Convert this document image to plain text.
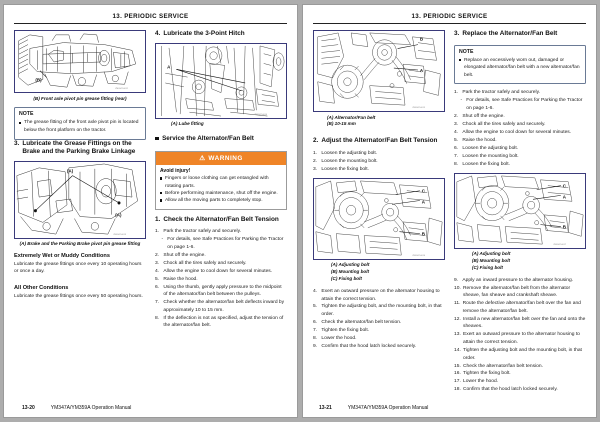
13. PERIODIC SERVICE
(B)
ZM0347-0012
(B) Front axle pivot pin grease fitting (rear)
NOTE
The grease fitting of the front axle pivot pin is located below the front platform on the tractor.
3. Lubricate the Grease Fittings on the Brake and the Parking Brake Linkage
(A)
(A)
ZM0347-0013
(A) Brake and the Parking Brake pivot pin grease fitting
Extremely Wet or Muddy Conditions

Lubricate the grease fittings once every 10 operating hours or once a day.

All Other Conditions

Lubricate the grease fittings once every 50 operating hours.

4. Lubricate the 3-Point Hitch
A
ZM0347-0014
(A) Lube fitting
Service the Alternator/Fan Belt
⚠ WARNING
Avoid injury!
Fingers or loose clothing can get entangled with rotating parts.
Before performing maintenance, shut off the engine.
Allow all the moving parts to completely stop.
1. Check the Alternator/Fan Belt Tension
1. Park the tractor safely and securely.
- For details, see Safe Practices for Parking the Tractor on page 1-6.
2. Shut off the engine.
3. Chock all the tires safely and securely.
4. Allow the engine to cool down for several minutes.
5. Raise the hood.
6. Using the thumb, gently apply pressure to the midpoint of the alternator/fan belt between the pulleys.
7. Check whether the alternator/fan belt deflects inward by approximately 10 to 15 mm.
8. If the deflection is not as specified, adjust the tension of the alternator/fan belt.
13-20	YM347A/YM359A Operation Manual
13. PERIODIC SERVICE
B
A
ZM0347-0015
(A) Alternator/Fan belt
(B) 10-15 mm
2. Adjust the Alternator/Fan Belt Tension
1. Loosen the adjusting bolt.
2. Loosen the mounting bolt.
3. Loosen the fixing bolt.
C
A
B
ZM0347-0016
(A) Adjusting bolt
(B) Mounting bolt
(C) Fixing bolt
4. Exert an outward pressure on the alternator housing to attain the correct tension.
5. Tighten the adjusting bolt, and the mounting bolt, in that order.
6. Check the alternator/fan belt tension.
7. Tighten the fixing bolt.
8. Lower the hood.
9. Confirm that the hood latch locked securely.
3. Replace the Alternator/Fan Belt
NOTE
Replace an excessively worn out, damaged or elongated alternator/fan belt with a new alternator/fan belt.
1. Park the tractor safely and securely.
- For details, see Safe Practices for Parking the Tractor on page 1-6.
2. Shut off the engine.
3. Chock all the tires safely and securely.
4. Allow the engine to cool down for several minutes.
5. Raise the hood.
6. Loosen the adjusting bolt.
7. Loosen the mounting bolt.
8. Loosen the fixing bolt.
C
A
B
ZM0347-0017
(A) Adjusting bolt
(B) Mounting bolt
(C) Fixing bolt
9. Apply an inward pressure to the alternator housing.
10. Remove the alternator/fan belt from the alternator sheave, fan sheave and crankshaft sheave.
11. Route the defective alternator/fan belt over the fan and remove the alternator/fan belt.
12. Install a new alternator/fan belt over the fan and onto the sheaves.
13. Exert an outward pressure to the alternator housing to attain the correct tension.
14. Tighten the adjusting bolt and the mounting bolt, in that order.
15. Check the alternator/fan belt tension.
16. Tighten the fixing bolt.
17. Lower the hood.
18. Confirm that the hood latch locked securely.
13-21	YM347A/YM359A Operation Manual
